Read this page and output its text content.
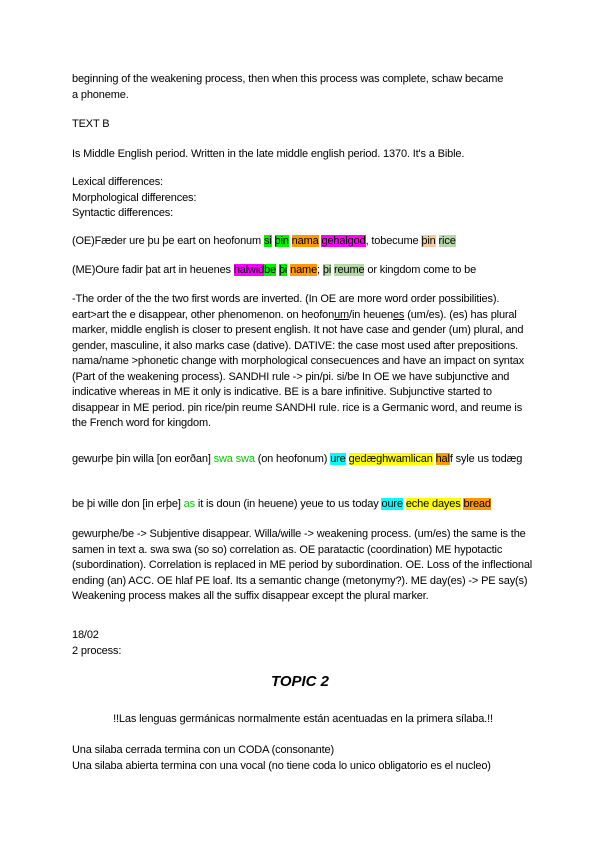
beginning of the weakening process, then when this process was complete, schaw became
a phoneme.
TEXT B
Is Middle English period. Written in the late middle english period. 1370. It's a Bible.
Lexical differences:
Morphological differences:
Syntactic differences:
(OE)Fæder ure þu þe eart on heofonum si þin nama gehalgod, tobecume þin rice
(ME)Oure fadir þat art in heuenes halwidbe þi name; þi reume or kingdom come to be
-The order of the the two first words are inverted. (In OE are more word order possibilities). eart>art the e disappear, other phenomenon. on heofonum/in heuenes (um/es). (es) has plural marker, middle english is closer to present english. It not have case and gender (um) plural, and gender, masculine, it also marks case (dative). DATIVE: the case most used after prepositions. nama/name >phonetic change with morphological consecuences and have an impact on syntax (Part of the weakening process). SANDHI rule -> pin/pi. si/be In OE we have subjunctive and indicative whereas in ME it only is indicative. BE is a bare infinitive. Subjunctive started to disappear in ME period. pin rice/pin reume SANDHI rule. rice is a Germanic word, and reume is the French word for kingdom.
gewurþe þin willa [on eorðan] swa swa (on heofonum) ure gedæghwamlican half syle us todæg
be þi wille don [in erþe] as it is doun (in heuene) yeue to us today oure eche dayes bread
gewurphe/be -> Subjentive disappear. Willa/wille -> weakening process. (um/es) the same is the samen in text a. swa swa (so so) correlation as. OE paratactic (coordination) ME hypotactic (subordination). Correlation is replaced in ME period by subordination. OE. Loss of the inflectional ending (an) ACC. OE hlaf PE loaf. Its a semantic change (metonymy?). ME day(es) -> PE say(s) Weakening process makes all the suffix disappear except the plural marker.
18/02
2 process:
TOPIC 2
!!Las lenguas germánicas normalmente están acentuadas en la primera sílaba.!!
Una silaba cerrada termina con un CODA (consonante)
Una silaba abierta termina con una vocal (no tiene coda lo unico obligatorio es el nucleo)
